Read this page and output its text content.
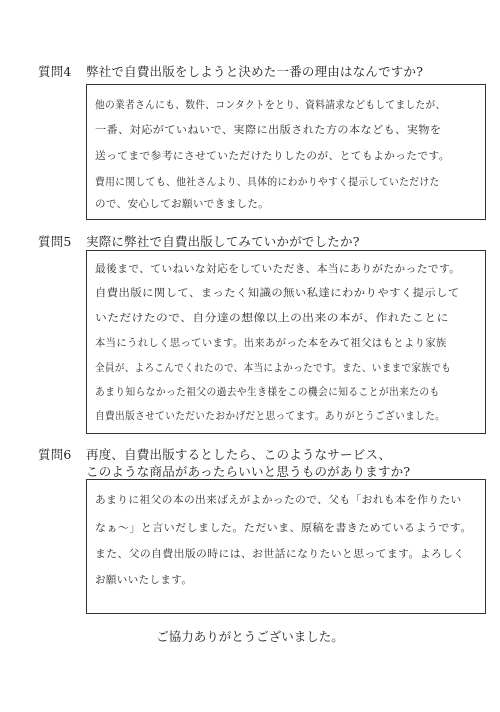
質問4 弊社で自費出版をしようと決めた一番の理由はなんですか?
他の業者さんにも、数件、コンタクトをとり、資料請求などもしてましたが、
一番、対応がていねいで、実際に出版された方の本なども、実物を
送ってまで参考にさせていただけたりしたのが、とてもよかったです。
費用に関しても、他社さんより、具体的にわかりやすく提示していただけた
ので、安心してお願いできました。
質問5 実際に弊社で自費出版してみていかがでしたか?
最後まで、ていねいな対応をしていただき、本当にありがたかったです。
自費出版に関して、まったく知識の無い私達にわかりやすく提示して
いただけたので、自分達の想像以上の出来の本が、作れたことに
本当にうれしく思っています。出来あがった本をみて祖父はもとより家族
全員が、よろこんでくれたので、本当によかったです。また、いままで家族でも
あまり知らなかった祖父の過去や生き様をこの機会に知ることが出来たのも
自費出版させていただいたおかげだと思ってます。ありがとうございました。
質問6 再度、自費出版するとしたら、このようなサービス、
このような商品があったらいいと思うものがありますか?
あまりに祖父の本の出来ばえがよかったので、父も「おれも本を作りたい
なぁ〜」と言いだしました。ただいま、原稿を書きためているようです。
また、父の自費出版の時には、お世話になりたいと思ってます。よろしく
お願いいたします。
ご協力ありがとうございました。
